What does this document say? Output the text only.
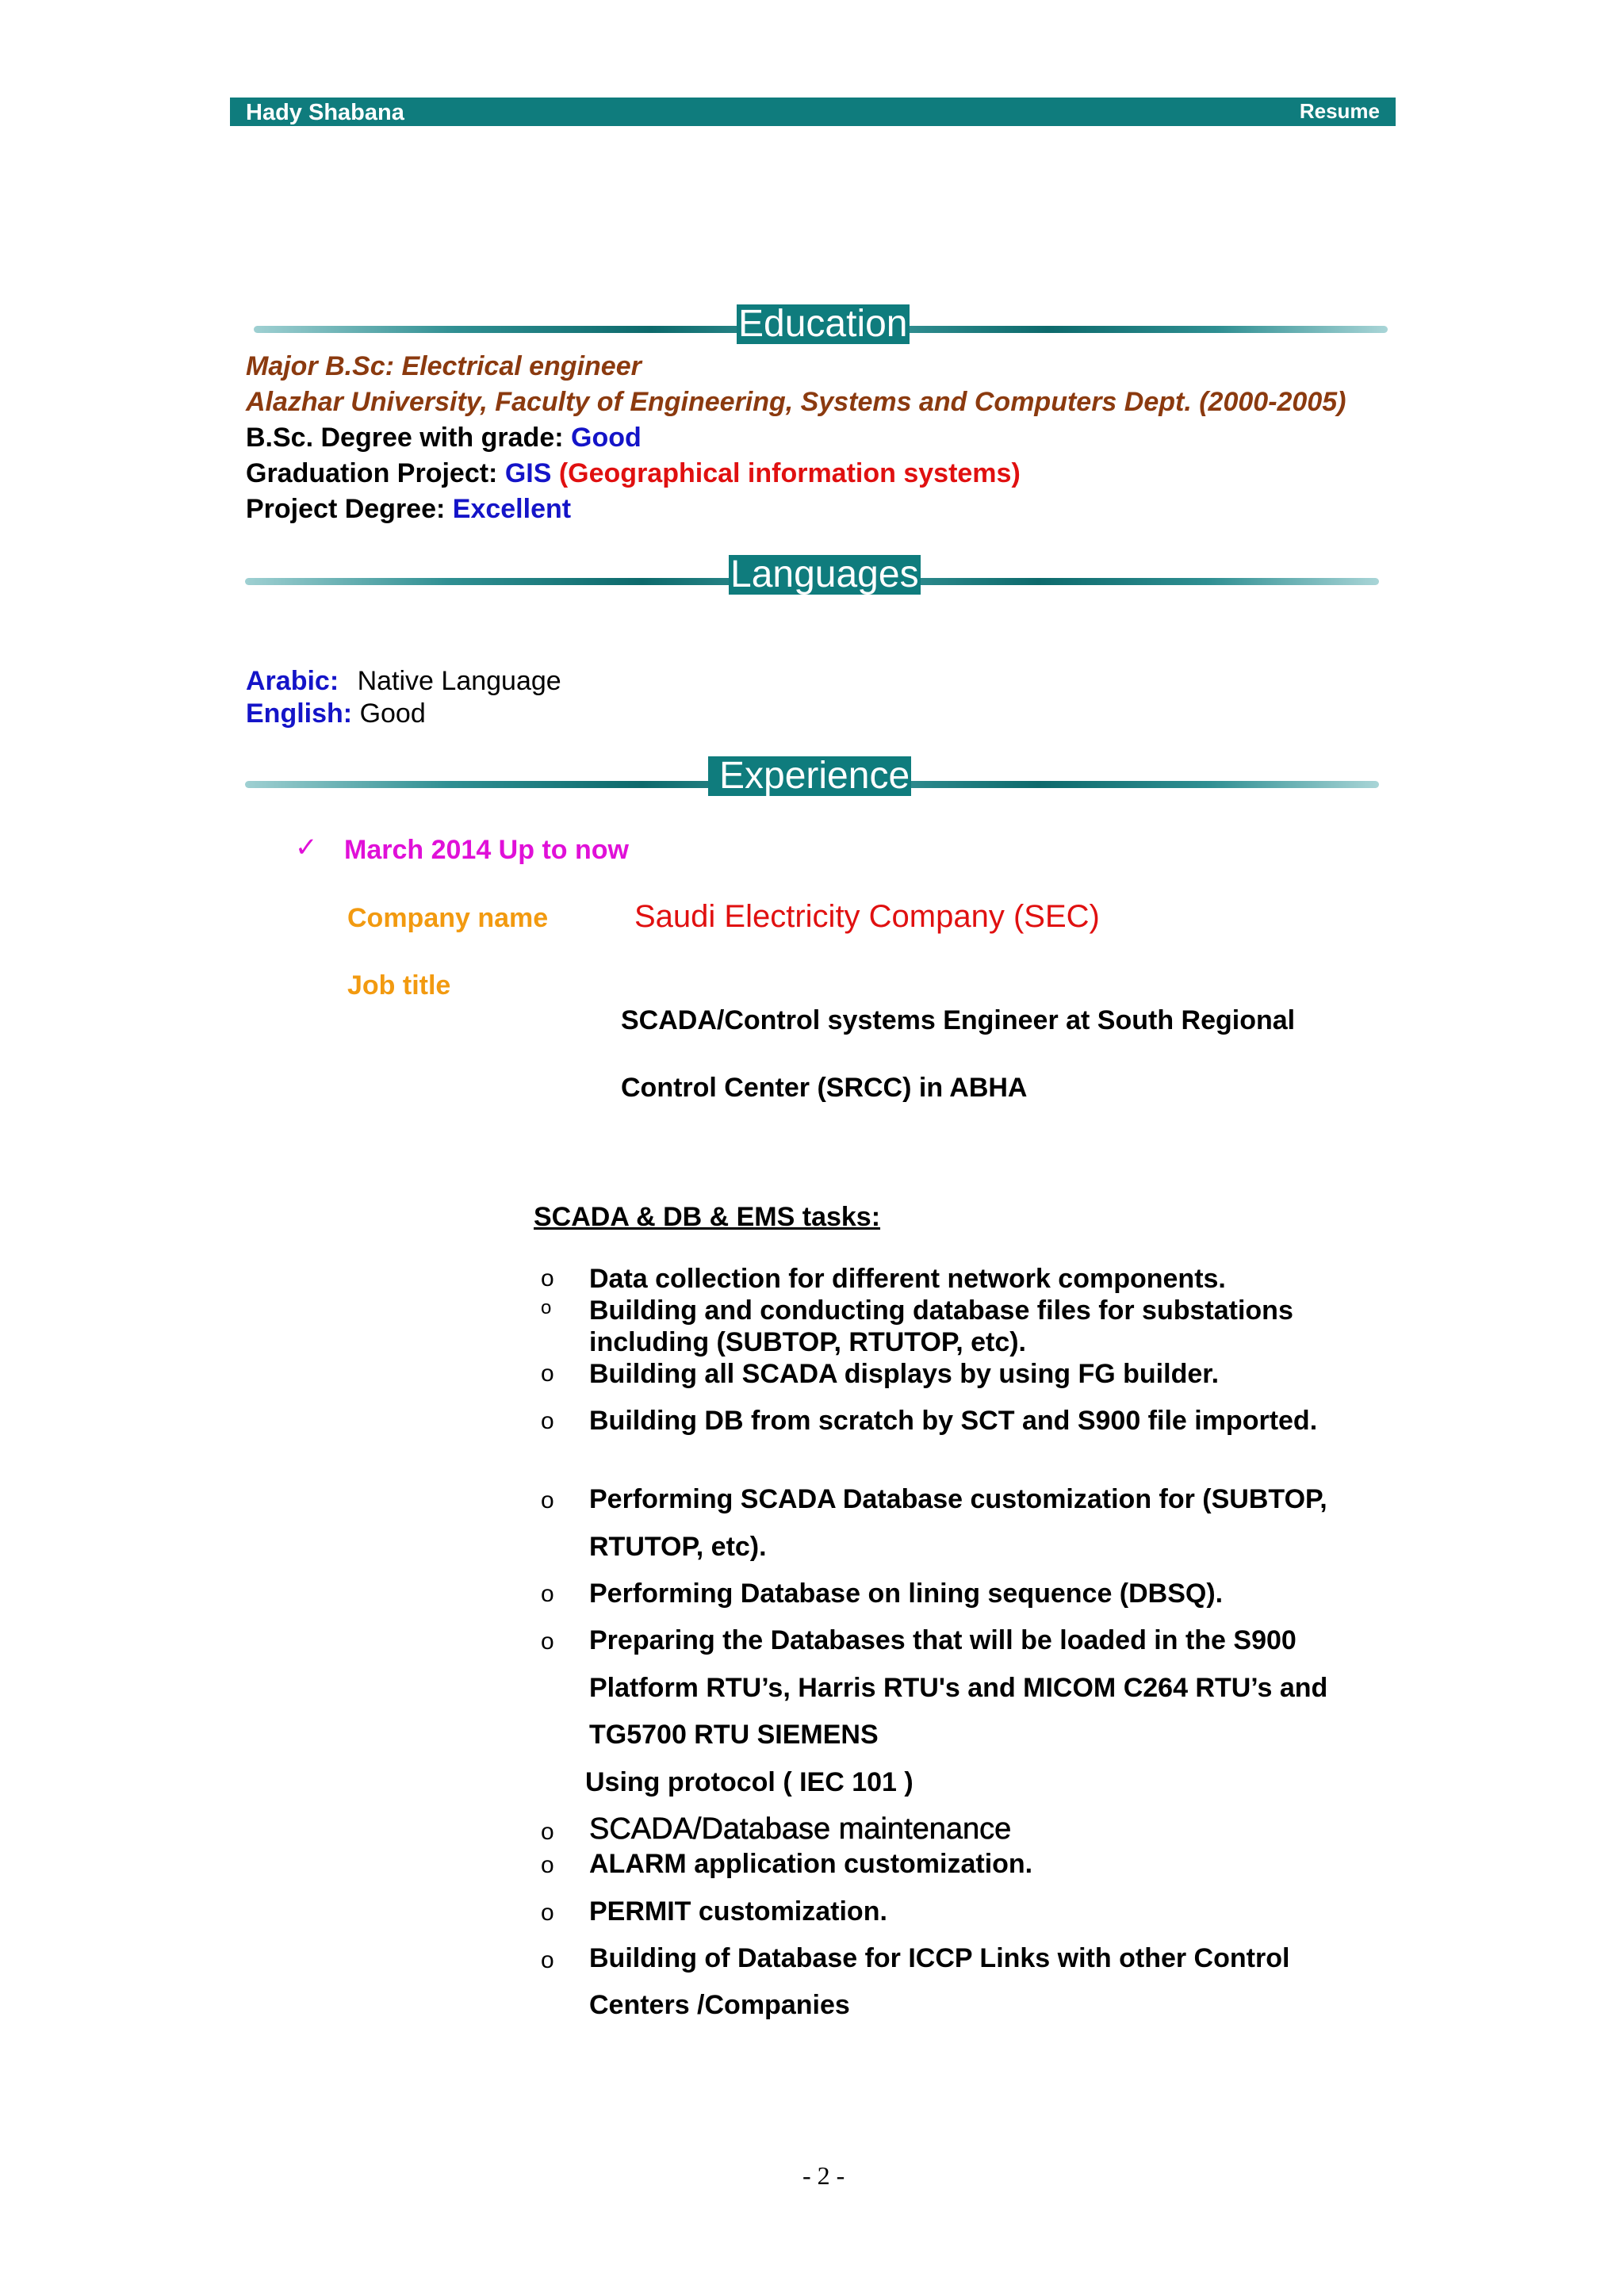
Hady Shabana	Resume
Education
Major B.Sc: Electrical engineer
Alazhar University, Faculty of Engineering, Systems and Computers Dept. (2000-2005)
B.Sc. Degree with grade: Good
Graduation Project: GIS (Geographical information systems)
Project Degree: Excellent
Languages
Arabic: Native Language
English: Good
Experience
✓ March 2014 Up to now
Company name	Saudi Electricity Company (SEC)
Job title
SCADA/Control systems Engineer at South Regional
Control Center (SRCC) in ABHA
SCADA & DB & EMS tasks:
o Data collection for different network components.
o Building and conducting database files for substations
including (SUBTOP, RTUTOP, etc).
o Building all SCADA displays by using FG builder.
o Building DB from scratch by SCT and S900 file imported.
o Performing SCADA Database customization for (SUBTOP,
RTUTOP, etc).
o Performing Database on lining sequence (DBSQ).
o Preparing the Databases that will be loaded in the S900
Platform RTU’s, Harris RTU's and MICOM C264 RTU’s and
TG5700 RTU SIEMENS
Using protocol ( IEC 101 )
o SCADA/Database maintenance
o ALARM application customization.
o PERMIT customization.
o Building of Database for ICCP Links with other Control
Centers /Companies
- 2 -
